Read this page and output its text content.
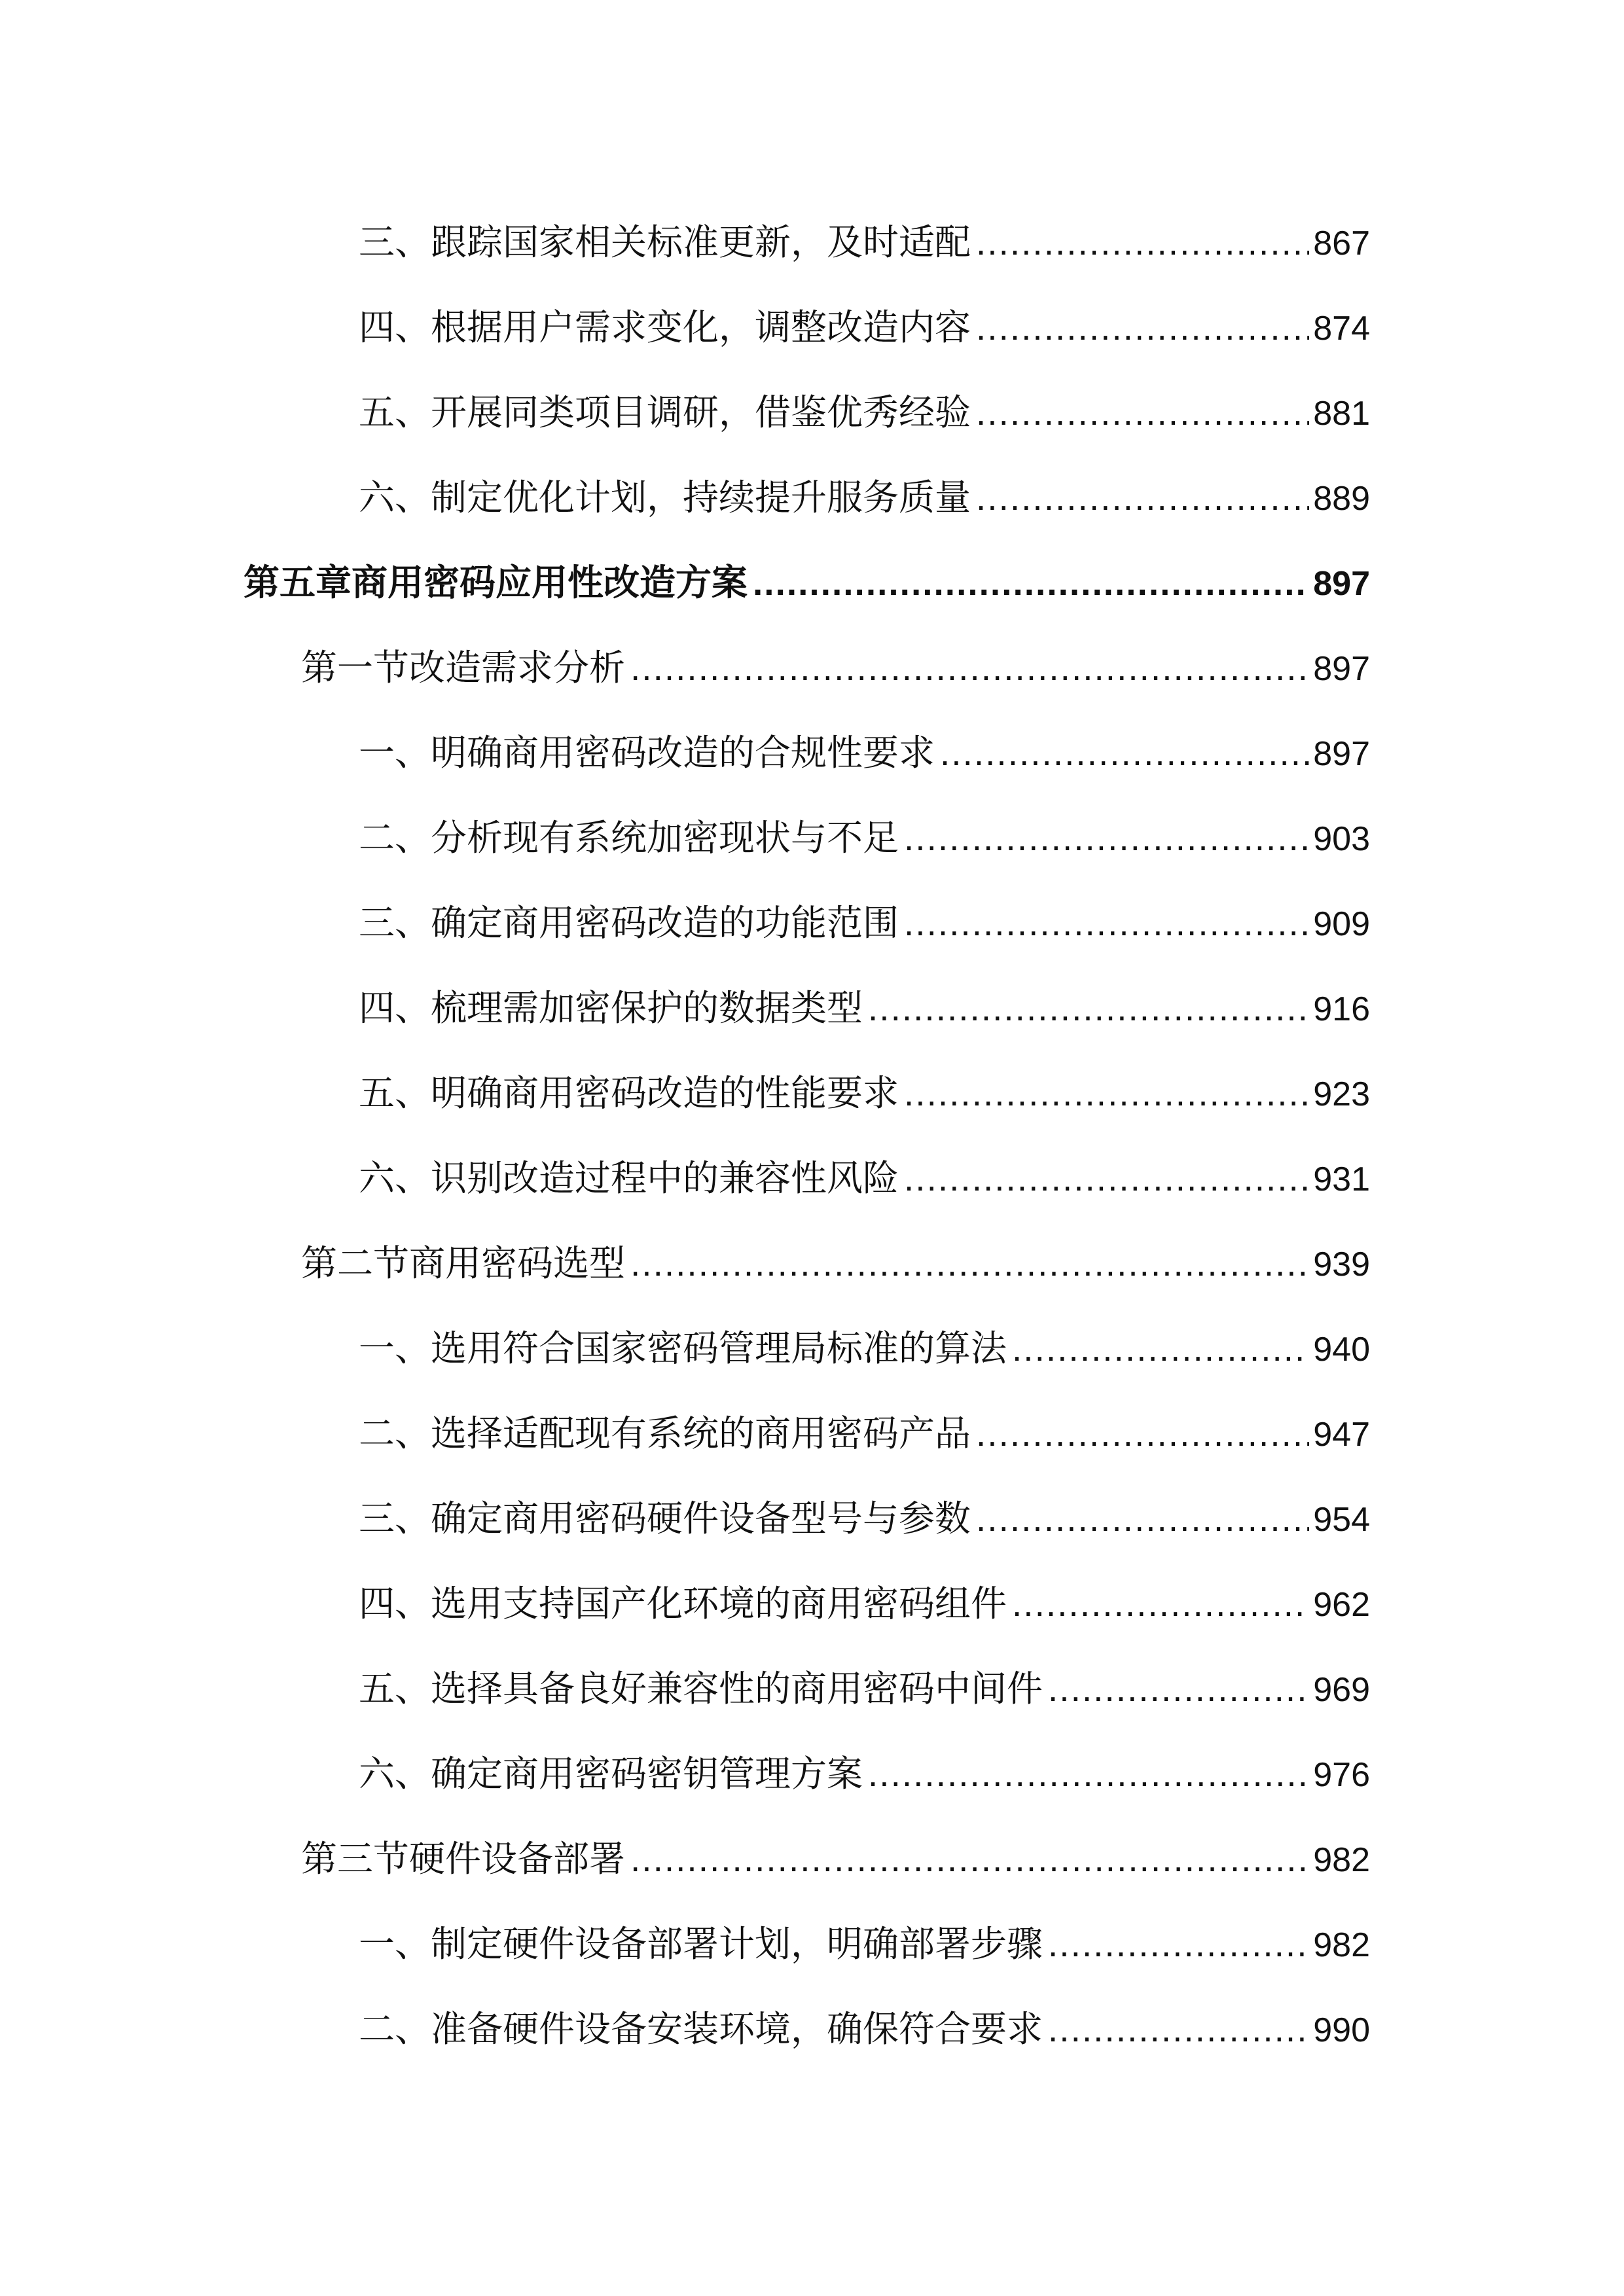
三、跟踪国家相关标准更新，及时适配 .....	867
四、根据用户需求变化，调整改造内容 .....	874
五、开展同类项目调研，借鉴优秀经验 .....	881
六、制定优化计划，持续提升服务质量 .....	889
第五章商用密码应用性改造方案 .....	897
第一节改造需求分析 .....	897
一、明确商用密码改造的合规性要求 .....	897
二、分析现有系统加密现状与不足 .....	903
三、确定商用密码改造的功能范围 .....	909
四、梳理需加密保护的数据类型 .....	916
五、明确商用密码改造的性能要求 .....	923
六、识别改造过程中的兼容性风险 .....	931
第二节商用密码选型 .....	939
一、选用符合国家密码管理局标准的算法 .....	940
二、选择适配现有系统的商用密码产品 .....	947
三、确定商用密码硬件设备型号与参数 .....	954
四、选用支持国产化环境的商用密码组件 .....	962
五、选择具备良好兼容性的商用密码中间件 .....	969
六、确定商用密码密钥管理方案 .....	976
第三节硬件设备部署 .....	982
一、制定硬件设备部署计划，明确部署步骤 .....	982
二、准备硬件设备安装环境，确保符合要求 .....	990
